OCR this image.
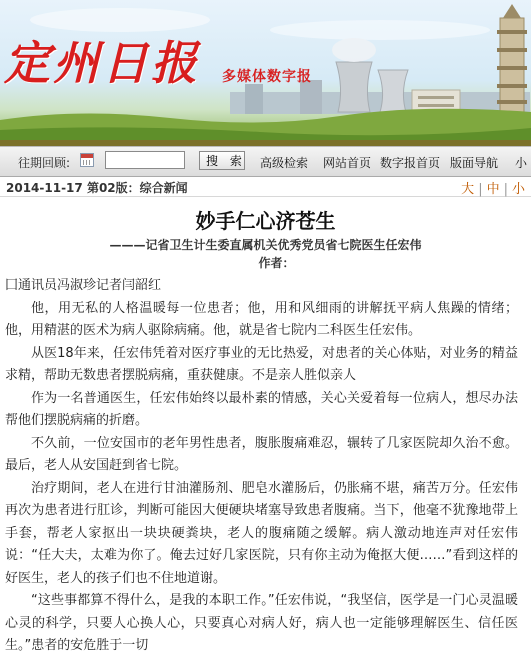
定州日报 多媒体数字报
往期回顾:	搜 索 高级检索 网站首页 数字报首页 版面导航 小
2014-11-17 第02版：综合新闻	大 | 中 | 小
妙手仁心济苍生
———记省卫生计生委直属机关优秀党员省七院医生任宏伟
作者：

囗通讯员冯淑珍记者闫韶红

他，用无私的人格温暖每一位患者；他，用和风细雨的讲解抚平病人焦躁的情绪；他，用精湛的医术为病人驱除病痛。他，就是省七院内二科医生任宏伟。

从医18年来，任宏伟凭着对医疗事业的无比热爱，对患者的关心体贴，对业务的精益求精，帮助无数患者摆脱病痛，重获健康。不是亲人胜似亲人

作为一名普通医生，任宏伟始终以最朴素的情感，关心关爱着每一位病人，想尽办法帮他们摆脱病痛的折磨。

不久前，一位安国市的老年男性患者，腹胀腹痛难忍，辗转了几家医院却久治不愈。最后，老人从安国赶到省七院。

治疗期间，老人在进行甘油灌肠剂、肥皂水灌肠后，仍胀痛不堪，痛苦万分。任宏伟再次为患者进行肛诊，判断可能因大便硬块堵塞导致患者腹痛。当下，他毫不犹豫地带上手套，帮老人家抠出一块块硬粪块，老人的腹痛随之缓解。病人激动地连声对任宏伟说：“任大夫，太难为你了。俺去过好几家医院，只有你主动为俺抠大便……”看到这样的好医生，老人的孩子们也不住地道谢。

“这些事都算不得什么，是我的本职工作。”任宏伟说，“我坚信，医学是一门心灵温暖心灵的科学，只要人心换人心，只要真心对病人好，病人也一定能够理解医生、信任医生。”患者的安危胜于一切
